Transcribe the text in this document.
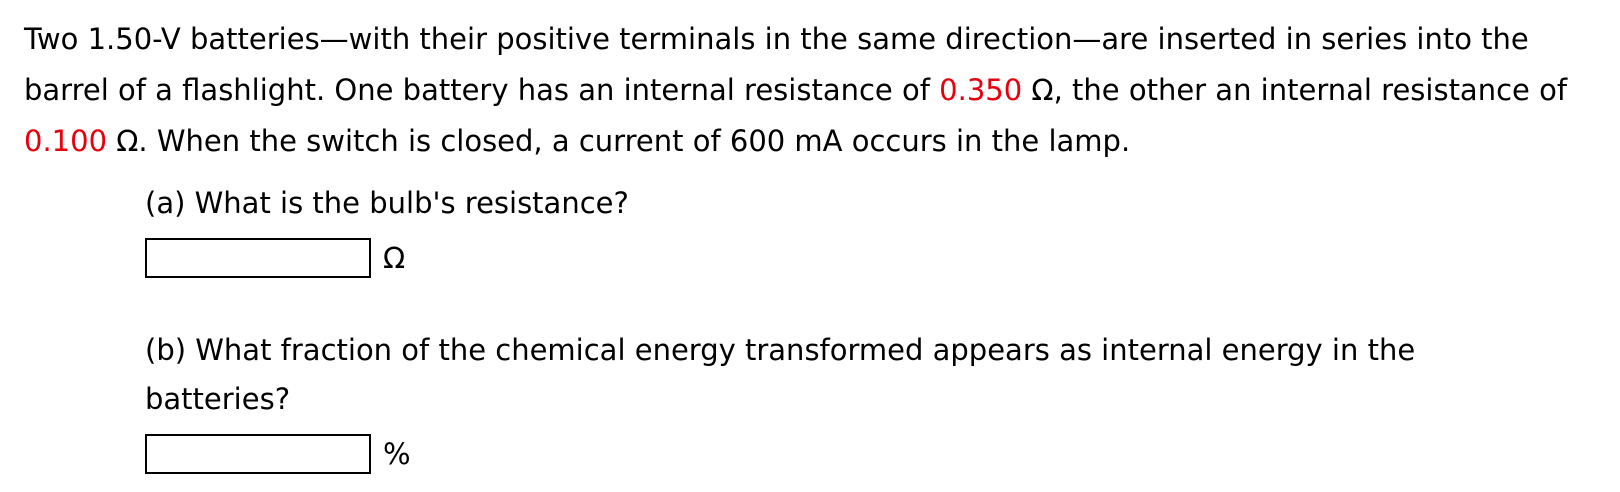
Two 1.50-V batteries—with their positive terminals in the same direction—are inserted in series into the barrel of a flashlight. One battery has an internal resistance of 0.350 Ω, the other an internal resistance of 0.100 Ω. When the switch is closed, a current of 600 mA occurs in the lamp.

(a) What is the bulb's resistance?

Ω

(b) What fraction of the chemical energy transformed appears as internal energy in the batteries?

%
